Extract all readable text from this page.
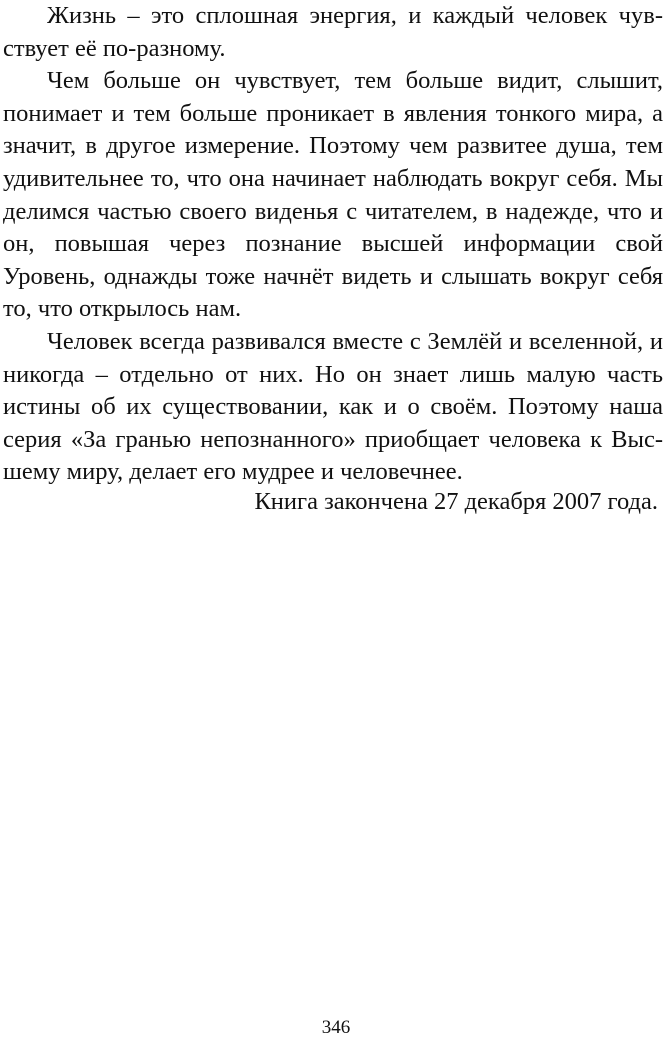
Жизнь – это сплошная энергия, и каждый человек чувствует её по-разному.

Чем больше он чувствует, тем больше видит, слышит, понимает и тем больше проникает в явления тонкого мира, а значит, в другое измерение. Поэтому чем развитее душа, тем удивительнее то, что она начинает наблюдать вокруг себя. Мы делимся частью своего виденья с читателем, в надежде, что и он, повышая через познание высшей информации свой Уровень, однажды тоже начнёт видеть и слышать вокруг себя то, что открылось нам.

Человек всегда развивался вместе с Землёй и вселенной, и никогда – отдельно от них. Но он знает лишь малую часть истины об их существовании, как и о своём. Поэтому наша серия «За гранью непознанного» приобщает человека к Высшему миру, делает его мудрее и человечнее.

Книга закончена 27 декабря 2007 года.

346
